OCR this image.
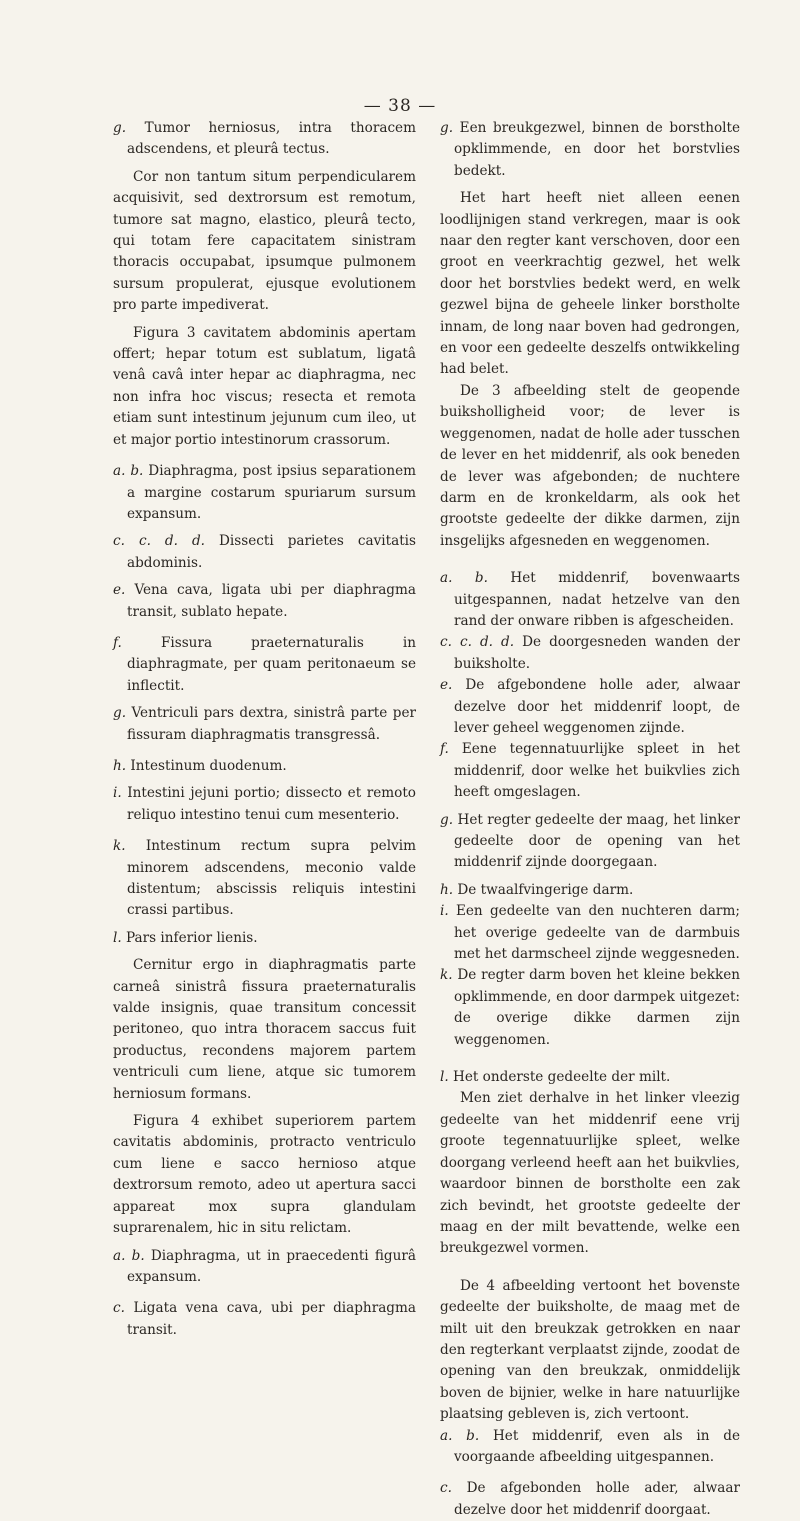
— 38 —

g. Tumor herniosus, intra thoracem adscendens, et pleurâ tectus.

Cor non tantum situm perpendicularem acquisivit, sed dextrorsum est remotum, tumore sat magno, elastico, pleurâ tecto, qui totam fere capacitatem sinistram thoracis occupabat, ipsumque pulmonem sursum propulerat, ejusque evolutionem pro parte impediverat.

Figura 3 cavitatem abdominis apertam offert; hepar totum est sublatum, ligatâ venâ cavâ inter hepar ac diaphragma, nec non infra hoc viscus; resecta et remota etiam sunt intestinum jejunum cum ileo, ut et major portio intestinorum crassorum.

a. b. Diaphragma, post ipsius separationem a margine costarum spuriarum sursum expansum.

c. c. d. d. Dissecti parietes cavitatis abdominis.

e. Vena cava, ligata ubi per diaphragma transit, sublato hepate.

f.	Fissura praeternaturalis in diaphragmate, per quam peritonaeum se inflectit.

g. Ventriculi pars dextra, sinistrâ parte per fissuram diaphragmatis transgressâ.

h. Intestinum duodenum.

i. Intestini jejuni portio; dissecto et remoto reliquo intestino tenui cum mesenterio.

k. Intestinum rectum supra pelvim minorem adscendens, meconio valde distentum; abscissis reliquis intestini crassi partibus.

l. Pars inferior lienis.

Cernitur ergo in diaphragmatis parte carneâ sinistrâ fissura praeternaturalis valde insignis, quae transitum concessit peritoneo, quo intra thoracem saccus fuit productus, recondens majorem partem ventriculi cum liene, atque sic tumorem herniosum formans.

Figura 4 exhibet superiorem partem cavitatis abdominis, protracto ventriculo cum liene e sacco hernioso atque dextrorsum remoto, adeo ut apertura sacci appareat mox supra glandulam suprarenalem, hic in situ relictam.

a. b. Diaphragma, ut in praecedenti figurâ expansum.

c. Ligata vena cava, ubi per diaphragma transit.

g. Een breukgezwel, binnen de borstholte opklimmende, en door het borstvlies bedekt.

Het hart heeft niet alleen eenen loodlijnigen stand verkregen, maar is ook naar den regter kant verschoven, door een groot en veerkrachtig gezwel, het welk door het borstvlies bedekt werd, en welk gezwel bijna de geheele linker borstholte innam, de long naar boven had gedrongen, en voor een gedeelte deszelfs ontwikkeling had belet.

De 3 afbeelding stelt de geopende buiksholligheid voor; de lever is weggenomen, nadat de holle ader tusschen de lever en het middenrif, als ook beneden de lever was afgebonden; de nuchtere darm en de kronkeldarm, als ook het grootste gedeelte der dikke darmen, zijn insgelijks afgesneden en weggenomen.

a. b. Het middenrif, bovenwaarts uitgespannen, nadat hetzelve van den rand der onware ribben is afgescheiden.

c. c. d. d. De doorgesneden wanden der buiksholte.

e. De afgebondene holle ader, alwaar dezelve door het middenrif loopt, de lever geheel weggenomen zijnde.

f. Eene tegennatuurlijke spleet in het middenrif, door welke het buikvlies zich heeft omgeslagen.

g. Het regter gedeelte der maag, het linker gedeelte door de opening van het middenrif zijnde doorgegaan.

h. De twaalfvingerige darm.

i. Een gedeelte van den nuchteren darm; het overige gedeelte van de darmbuis met het darmscheel zijnde weggesneden.

k. De regter darm boven het kleine bekken opklimmende, en door darmpek uitgezet: de overige dikke darmen zijn weggenomen.

l. Het onderste gedeelte der milt.

Men ziet derhalve in het linker vleezig gedeelte van het middenrif eene vrij groote tegennatuurlijke spleet, welke doorgang verleend heeft aan het buikvlies, waardoor binnen de borstholte een zak zich bevindt, het grootste gedeelte der maag en der milt bevattende, welke een breukgezwel vormen.

De 4 afbeelding vertoont het bovenste gedeelte der buiksholte, de maag met de milt uit den breukzak getrokken en naar den regterkant verplaatst zijnde, zoodat de opening van den breukzak, onmiddelijk boven de bijnier, welke in hare natuurlijke plaatsing gebleven is, zich vertoont.

a. b. Het middenrif, even als in de voorgaande afbeelding uitgespannen.

c. De afgebonden holle ader, alwaar dezelve door het middenrif doorgaat.
